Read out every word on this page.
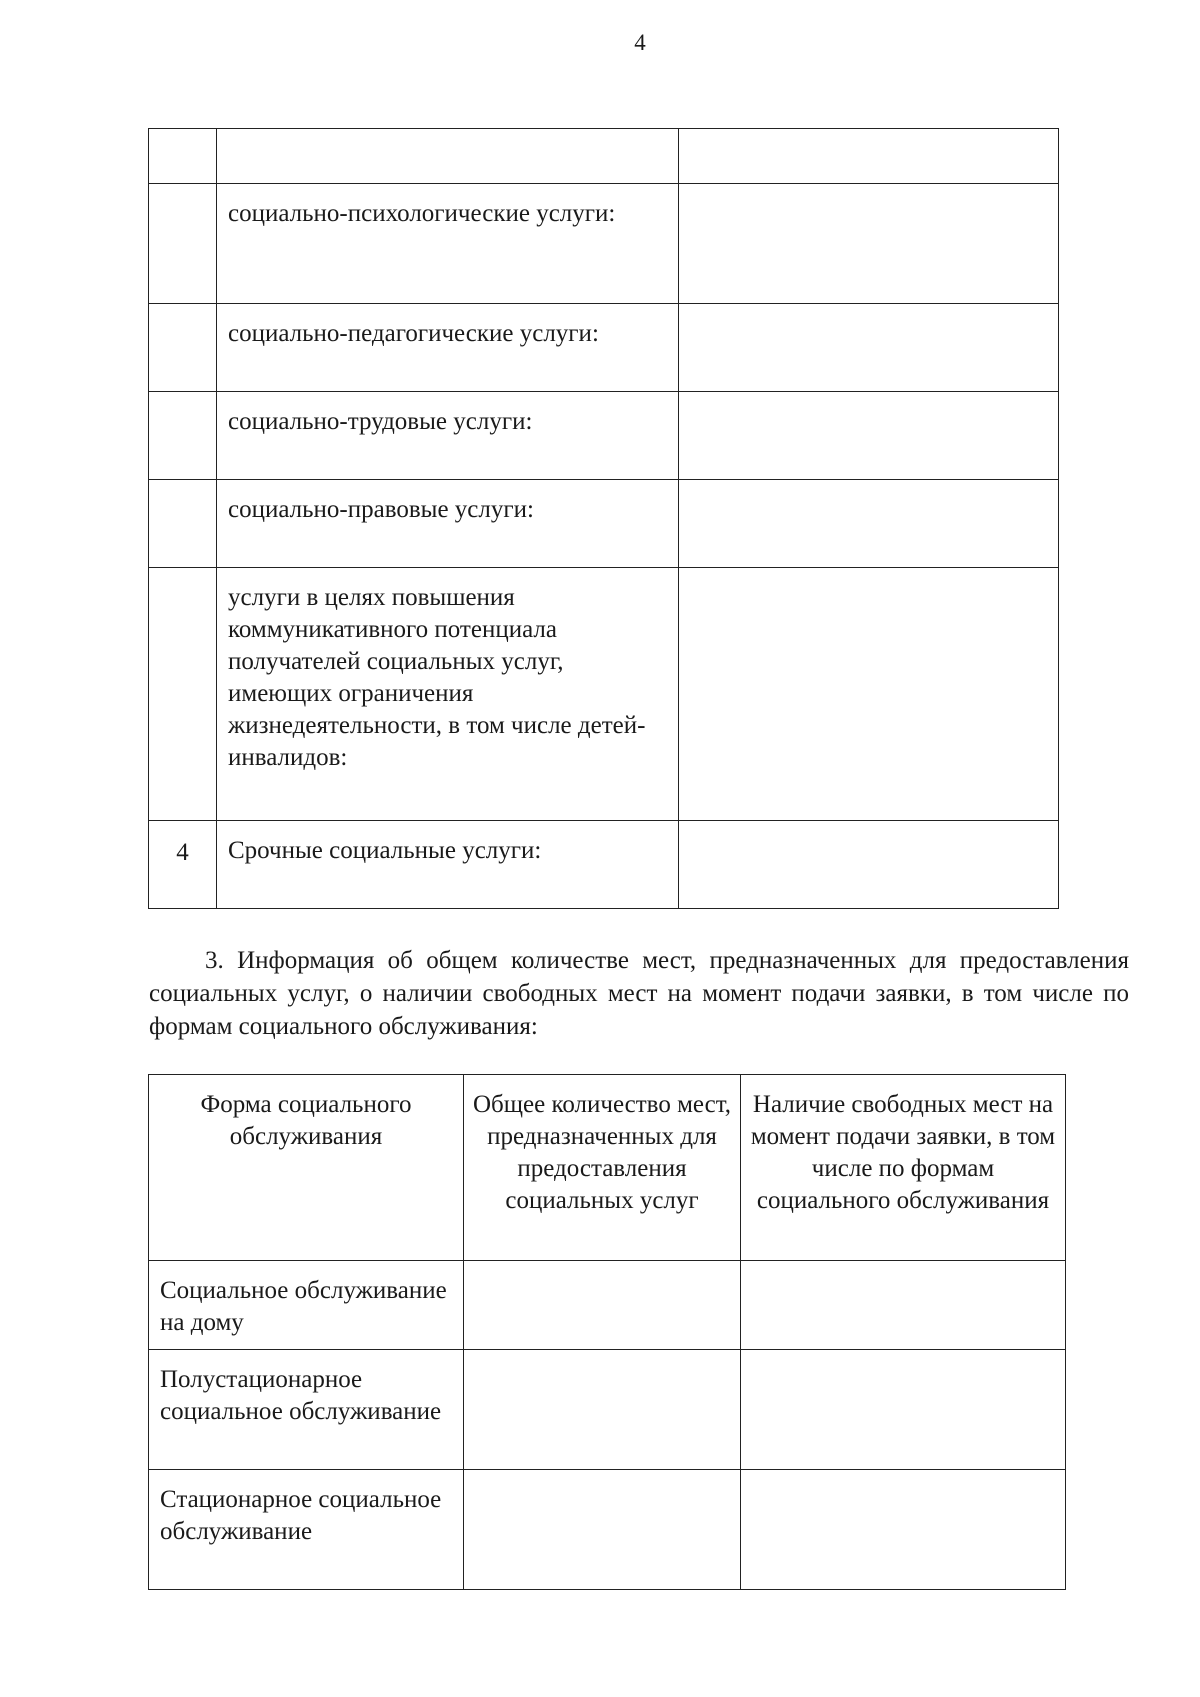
4

	социально-психологические услуги:	
	социально-педагогические услуги:	
	социально-трудовые услуги:	
	социально-правовые услуги:	
	услуги в целях повышения коммуникативного потенциала получателей социальных услуг, имеющих ограничения жизнедеятельности, в том числе детей-инвалидов:	
4	Срочные социальные услуги:	

3. Информация об общем количестве мест, предназначенных для предоставления социальных услуг, о наличии свободных мест на момент подачи заявки, в том числе по формам социального обслуживания:

Форма социального обслуживания	Общее количество мест, предназначенных для предоставления социальных услуг	Наличие свободных мест на момент подачи заявки, в том числе по формам социального обслуживания
Социальное обслуживание на дому		
Полустационарное социальное обслуживание		
Стационарное социальное обслуживание		
